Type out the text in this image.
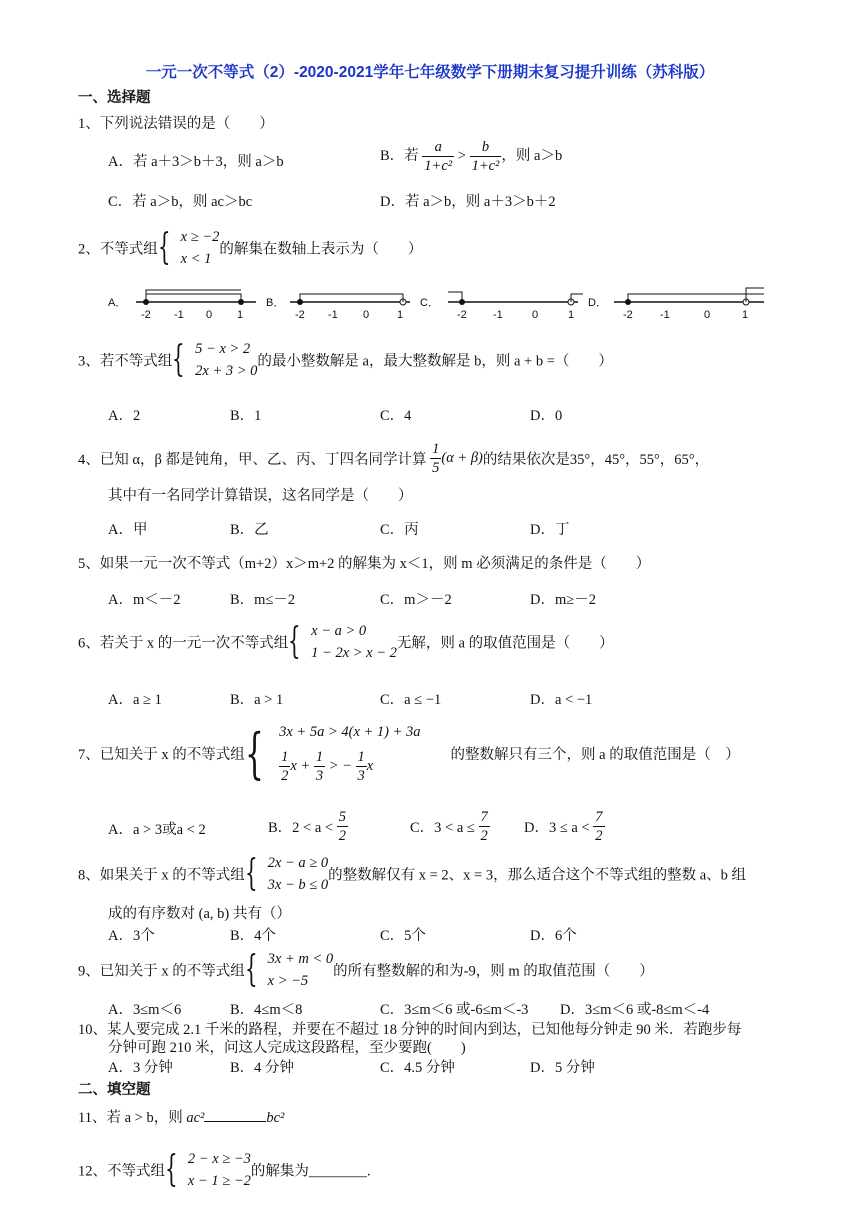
一元一次不等式（2）-2020-2021学年七年级数学下册期末复习提升训练（苏科版）
一、选择题
1、下列说法错误的是（　　）
A．若 a＋3＞b＋3，则 a＞b	B．若 $\frac{a}{\text{1+c²}} > \frac{b}{\text{1+c²}}$ ，则 a＞b
C．若 a＞b，则 ac＞bc	D．若 a＞b，则 a＋3＞b＋2
2、不等式组{ x ≥ −2
x < 1
的解集在数轴上表示为（　　）
A．
-2 -1 0 1
B．
-2 -1 0	1
C．
-2 -1	0	1
D．
-2 -1	0	1
3、若不等式组{ 5 − x > 2
2x + 3 > 0
的最小整数解是 a，最大整数解是 b，则 a + b =（　　）
A．2	B．1	C．4	D．0
4、已知 α，β 都是钝角，甲、乙、丙、丁四名同学计算 $\frac{1}{5} (\alpha + \beta)$的结果依次是35°，45°，55°，65°，
其中有一名同学计算错误，这名同学是（　　）
A．甲	B．乙	C．丙	D．丁
5、如果一元一次不等式（m+2）x＞m+2 的解集为 x＜1，则 m 必须满足的条件是（　　）
A．m＜－2	B．m≤－2	C．m＞－2	D．m≥－2
6、若关于 x 的一元一次不等式组{ x − a > 0
1 − 2x > x − 2
无解，则 a 的取值范围是（　　）
A．a ≥ 1	B．a > 1	C．a ≤ −1	D．a < −1
7、已知关于 x 的不等式组{ 3x + 5a > 4(x + 1) + 3a
$\frac{1}{2}$ $x + \frac{1}{3}$ > − $\frac{1}{3}$ x
的整数解只有三个，则 a 的取值范围是（　）
A．a > 3或a < 2	B．$2 < a < \frac{5}{2}$	C．$3 < a \le \frac{7}{2}$ D．$3 \le a < \frac{7}{2}$
8、如果关于 x 的不等式组{ 2x − a ≥ 0
3x − b ≤ 0
的整数解仅有 x = 2、x = 3，那么适合这个不等式组的整数 a、b 组
成的有序数对 (a, b) 共有（）
A．3个	B．4个	C．5个	D．6个
9、已知关于 x 的不等式组{ 3x + m < 0
x > −5
的所有整数解的和为-9，则 m 的取值范围（　　）
A．3≤m＜6	B．4≤m＜8	C．3≤m＜6 或-6≤m＜-3 D．3≤m＜6 或-8≤m＜-4
10、某人要完成 2.1 千米的路程，并要在不超过 18 分钟的时间内到达，已知他每分钟走 90 米．若跑步每
分钟可跑 210 米，问这人完成这段路程，至少要跑(　　)
A．3 分钟	B．4 分钟	C．4.5 分钟	D．5 分钟
二、填空题
11、若 a > b，则 ac²	bc²
12、不等式组{ 2 − x ≥ −3
x − 1 ≥ −2
的解集为________.
